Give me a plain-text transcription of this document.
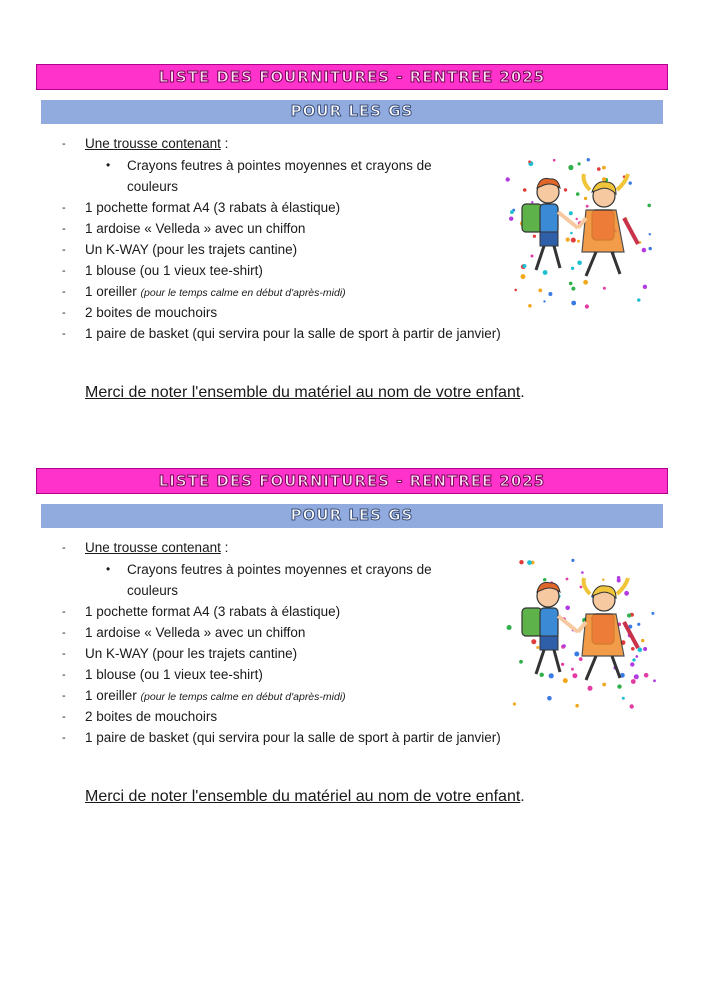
LISTE DES FOURNITURES - RENTREE 2025
POUR LES GS
- Une trousse contenant :
• Crayons feutres à pointes moyennes et crayons de couleurs
- 1 pochette format A4 (3 rabats à élastique)
- 1 ardoise « Velleda » avec un chiffon
- Un K-WAY (pour les trajets cantine)
- 1 blouse (ou 1 vieux tee-shirt)
- 1 oreiller (pour le temps calme en début d'après-midi)
- 2 boites de mouchoirs
- 1 paire de basket (qui servira pour la salle de sport à partir de janvier)
Merci de noter l'ensemble du matériel au nom de votre enfant.
LISTE DES FOURNITURES - RENTREE 2025
POUR LES GS
- Une trousse contenant :
• Crayons feutres à pointes moyennes et crayons de couleurs
- 1 pochette format A4 (3 rabats à élastique)
- 1 ardoise « Velleda » avec un chiffon
- Un K-WAY (pour les trajets cantine)
- 1 blouse (ou 1 vieux tee-shirt)
- 1 oreiller (pour le temps calme en début d'après-midi)
- 2 boites de mouchoirs
- 1 paire de basket (qui servira pour la salle de sport à partir de janvier)
Merci de noter l'ensemble du matériel au nom de votre enfant.
